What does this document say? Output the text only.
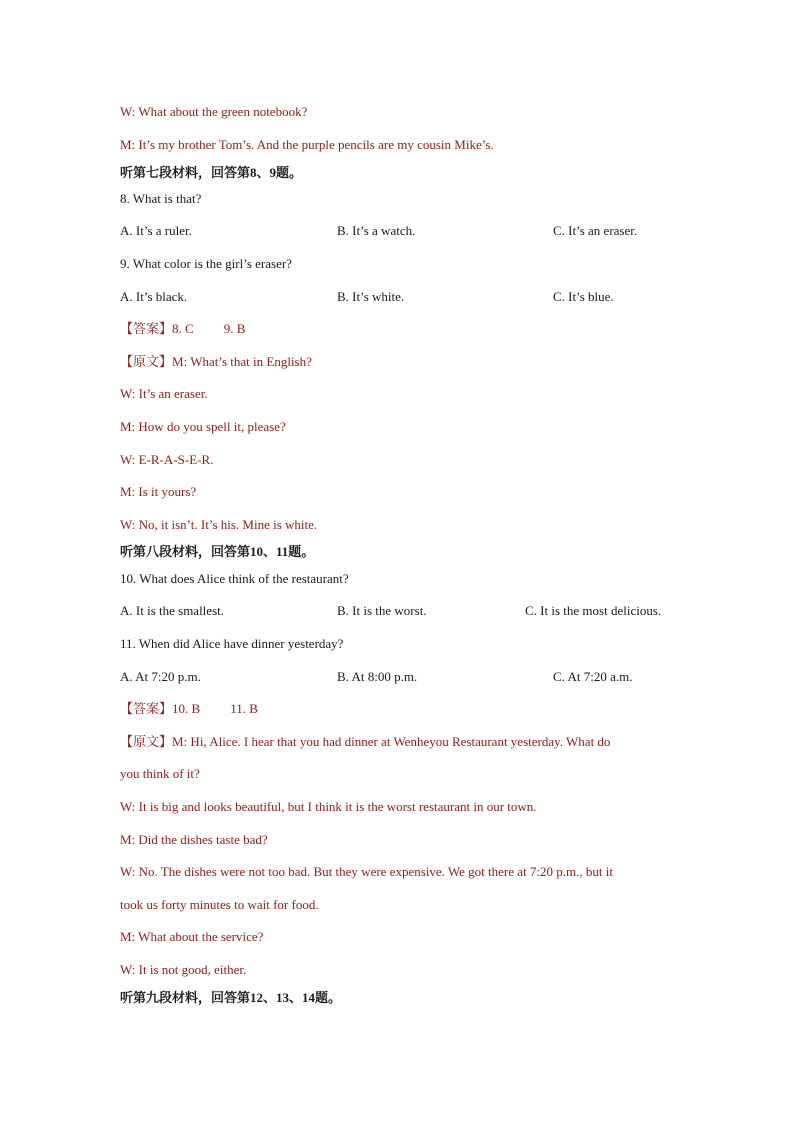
W: What about the green notebook?
M: It’s my brother Tom’s. And the purple pencils are my cousin Mike’s.
听第七段材料，回答第8、9题。
8. What is that?
A. It’s a ruler.	B. It’s a watch.	C. It’s an eraser.
9. What color is the girl’s eraser?
A. It’s black.	B. It’s white.	C. It’s blue.
【答案】8. C 9. B
【原文】M: What’s that in English?
W: It’s an eraser.
M: How do you spell it, please?
W: E-R-A-S-E-R.
M: Is it yours?
W: No, it isn’t. It’s his. Mine is white.
听第八段材料，回答第10、11题。
10. What does Alice think of the restaurant?
A. It is the smallest.	B. It is the worst.	C. It is the most delicious.
11. When did Alice have dinner yesterday?
A. At 7:20 p.m.	B. At 8:00 p.m.	C. At 7:20 a.m.
【答案】10. B 11. B
【原文】M: Hi, Alice. I hear that you had dinner at Wenheyou Restaurant yesterday. What do
you think of it?
W: It is big and looks beautiful, but I think it is the worst restaurant in our town.
M: Did the dishes taste bad?
W: No. The dishes were not too bad. But they were expensive. We got there at 7:20 p.m., but it
took us forty minutes to wait for food.
M: What about the service?
W: It is not good, either.
听第九段材料，回答第12、13、14题。
